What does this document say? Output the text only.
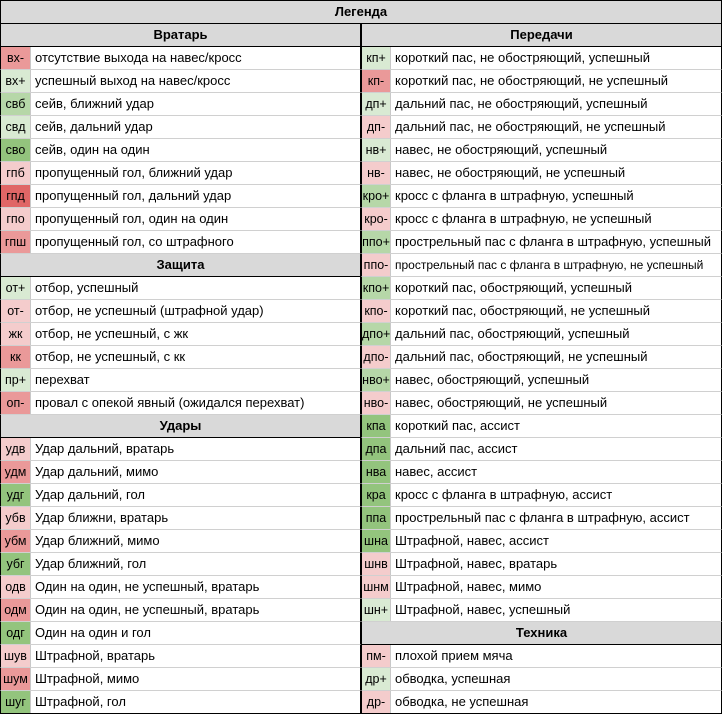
Легенда
Вратарь
вх- отсутствие выхода на навес/кросс
вх+ успешный выход на навес/кросс
свб сейв, ближний удар
свд сейв, дальний удар
сво сейв, один на один
гпб пропущенный гол, ближний удар
гпд пропущенный гол, дальний удар
гпо пропущенный гол, один на один
гпш пропущенный гол, со штрафного
Защита
от+ отбор, успешный
от- отбор, не успешный (штрафной удар)
жк отбор, не успешный, с жк
кк	отбор, не успешный, с кк
пр+ перехват
оп- провал с опекой явный (ожидался перехват)
Удары
удв Удар дальний, вратарь
удм Удар дальний, мимо
удг Удар дальний, гол
убв Удар ближни, вратарь
убм Удар ближний, мимо
убг Удар ближний, гол
одв Один на один, не успешный, вратарь
одм Один на один, не успешный, вратарь
одг Один на один и гол
шув Штрафной, вратарь
шум Штрафной, мимо
шуг Штрафной, гол
Передачи
кп+ короткий пас, не обостряющий, успешный
кп- короткий пас, не обостряющий, не успешный
дп+ дальний пас, не обостряющий, успешный
дп- дальний пас, не обостряющий, не успешный
нв+ навес, не обостряющий, успешный
нв- навес, не обостряющий, не успешный
кро+ кросс с фланга в штрафную, успешный
кро- кросс с фланга в штрафную, не успешный
ппо+ прострельный пас с фланга в штрафную, успешный
ппо- прострельный пас с фланга в штрафную, не успешный
кпо+ короткий пас, обостряющий, успешный
кпо- короткий пас, обостряющий, не успешный
дпо+ дальний пас, обостряющий, успешный
дпо- дальний пас, обостряющий, не успешный
нво+ навес, обостряющий, успешный
нво- навес, обостряющий, не успешный
кпа короткий пас, ассист
дпа дальний пас, ассист
нва навес, ассист
кра кросс с фланга в штрафную, ассист
ппа прострельный пас с фланга в штрафную, ассист
шна Штрафной, навес, ассист
шнв Штрафной, навес, вратарь
шнм Штрафной, навес, мимо
шн+ Штрафной, навес, успешный
Техника
пм- плохой прием мяча
др+ обводка, успешная
др- обводка, не успешная
